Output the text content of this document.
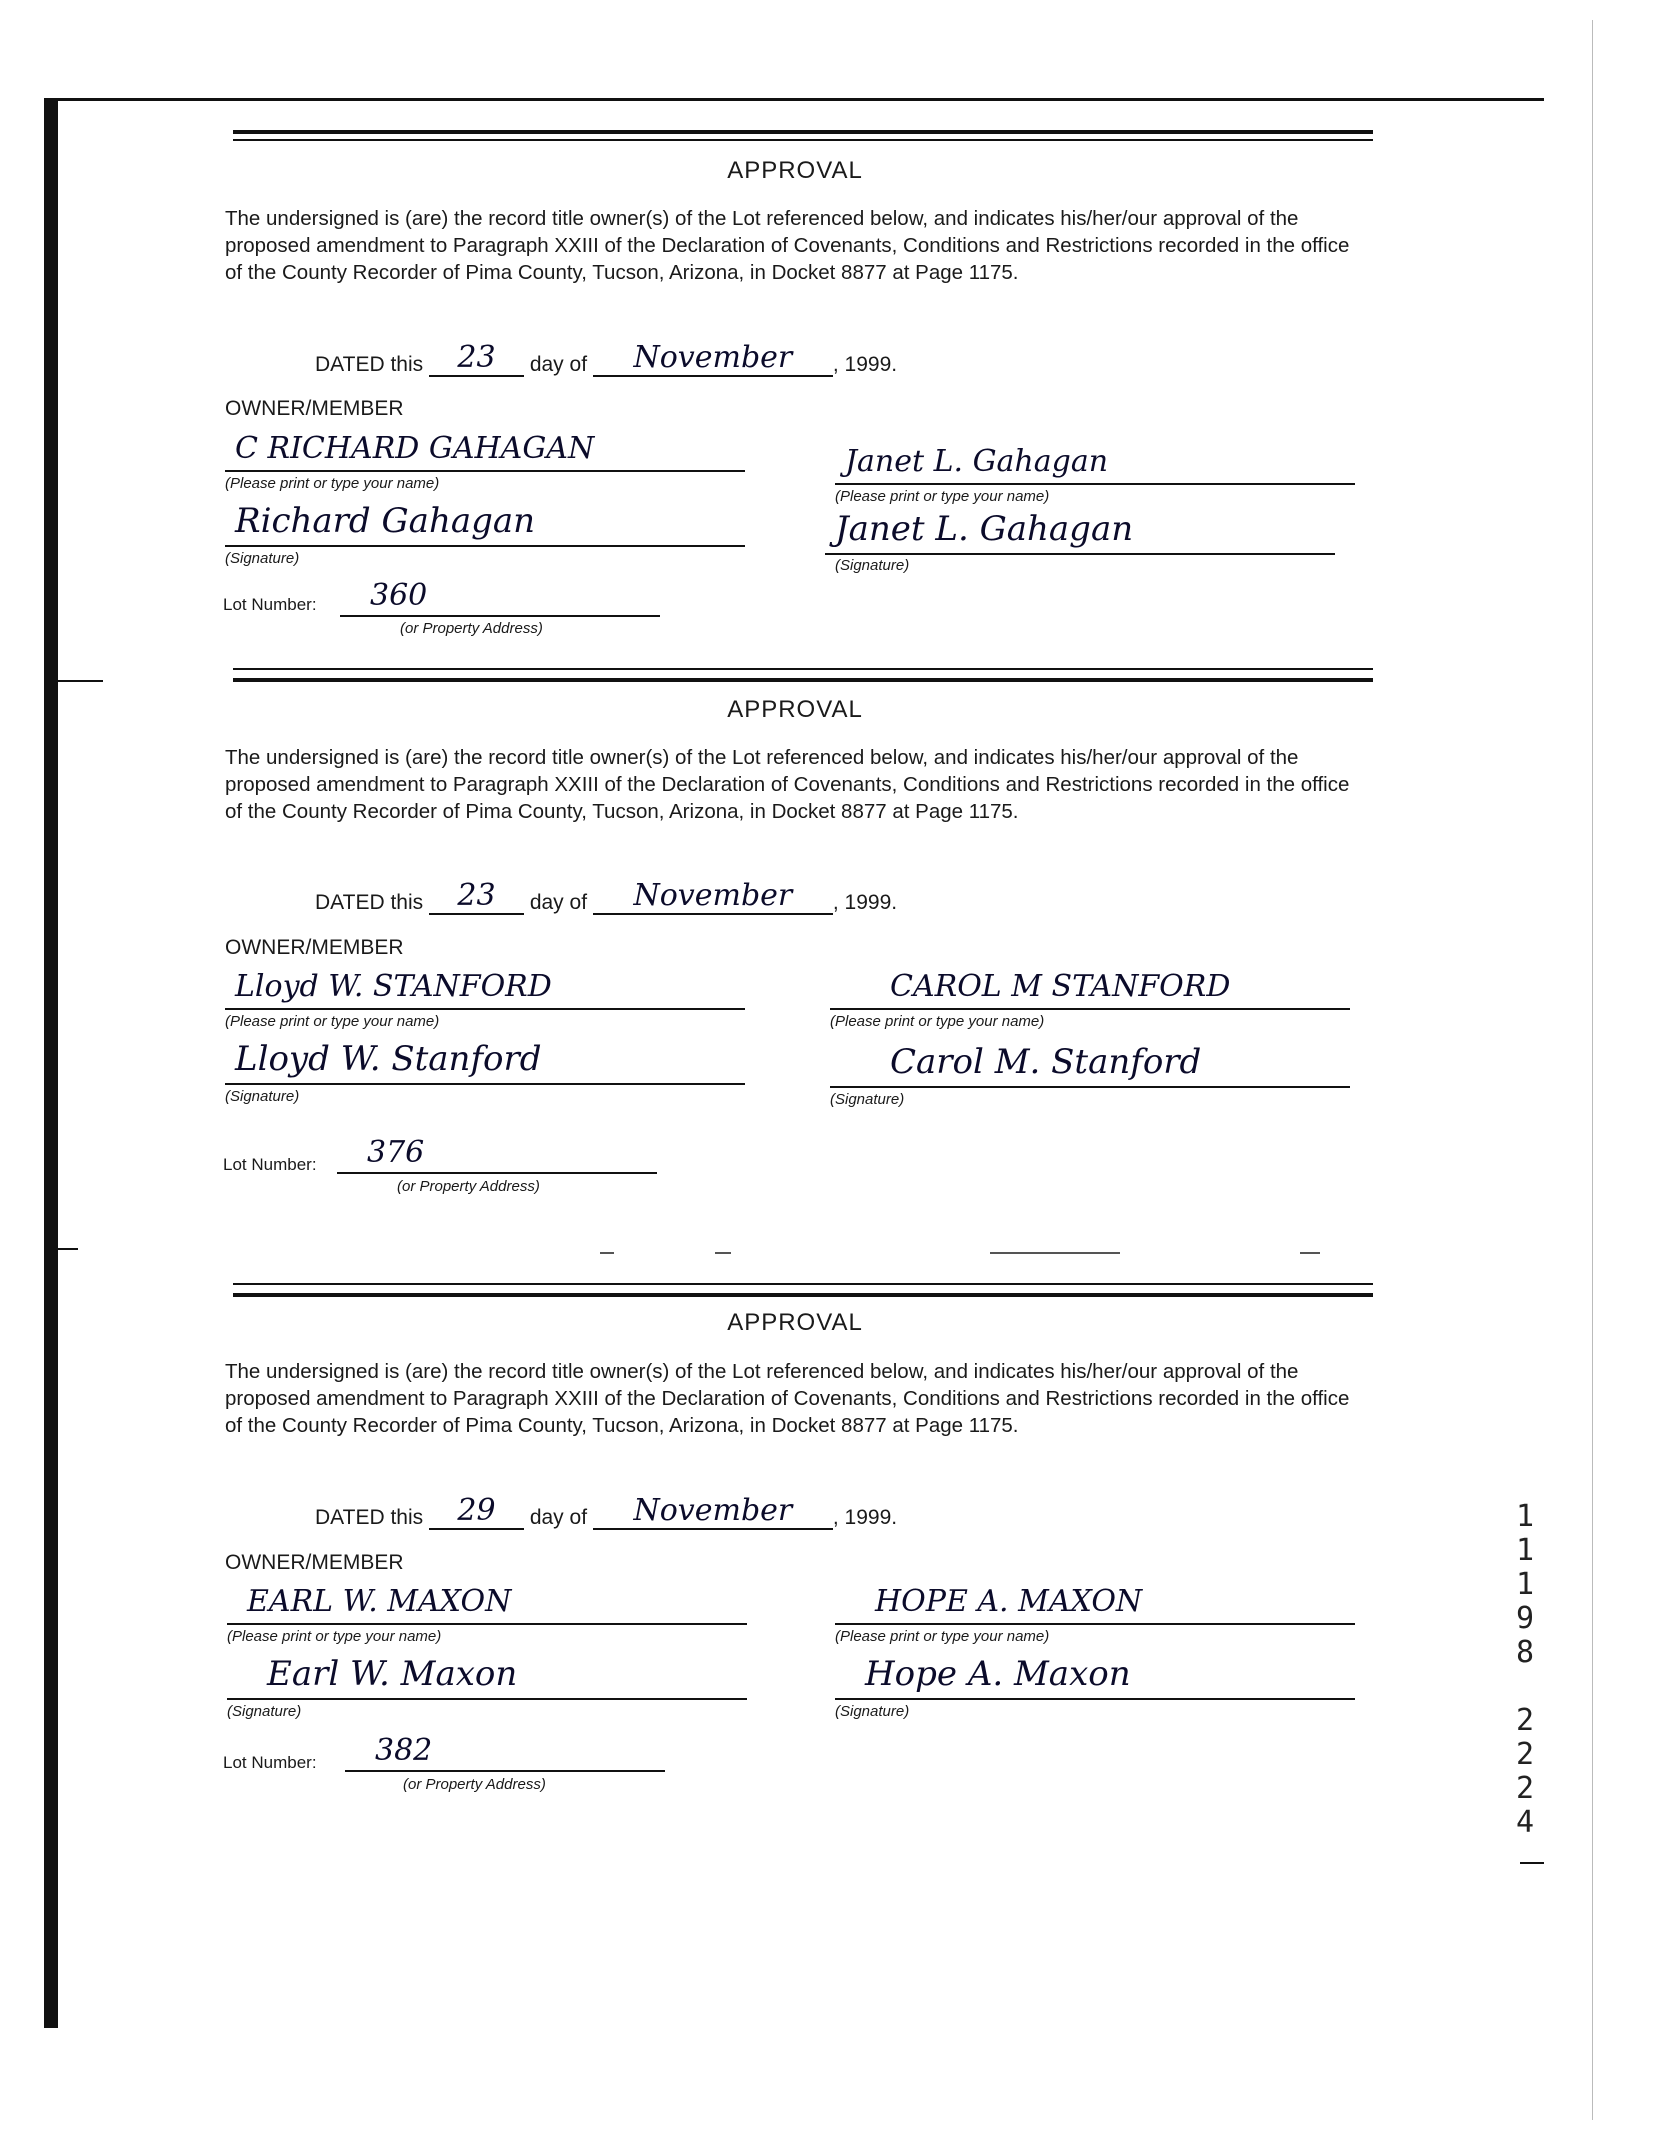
APPROVAL
The undersigned is (are) the record title owner(s) of the Lot referenced below, and indicates his/her/our approval of the proposed amendment to Paragraph XXIII of the Declaration of Covenants, Conditions and Restrictions recorded in the office of the County Recorder of Pima County, Tucson, Arizona, in Docket 8877 at Page 1175.
DATED this 23 day of November , 1999.
OWNER/MEMBER
C RICHARD GAHAGAN
(Please print or type your name)
Richard Gahagan
(Signature)
Janet L. Gahagan
(Please print or type your name)
Janet L. Gahagan
(Signature)
Lot Number: 360
(or Property Address)
APPROVAL
The undersigned is (are) the record title owner(s) of the Lot referenced below, and indicates his/her/our approval of the proposed amendment to Paragraph XXIII of the Declaration of Covenants, Conditions and Restrictions recorded in the office of the County Recorder of Pima County, Tucson, Arizona, in Docket 8877 at Page 1175.
DATED this 23 day of November , 1999.
OWNER/MEMBER
Lloyd W. STANFORD
(Please print or type your name)
Lloyd W. Stanford
(Signature)
CAROL M STANFORD
(Please print or type your name)
Carol M. Stanford
(Signature)
Lot Number: 376
(or Property Address)
APPROVAL
The undersigned is (are) the record title owner(s) of the Lot referenced below, and indicates his/her/our approval of the proposed amendment to Paragraph XXIII of the Declaration of Covenants, Conditions and Restrictions recorded in the office of the County Recorder of Pima County, Tucson, Arizona, in Docket 8877 at Page 1175.
DATED this 29 day of November , 1999.
OWNER/MEMBER
EARL W. MAXON
(Please print or type your name)
Earl W. Maxon
(Signature)
HOPE A. MAXON
(Please print or type your name)
Hope A. Maxon
(Signature)
Lot Number: 382
(or Property Address)
1
1
1
9
8
2
2
2
4
